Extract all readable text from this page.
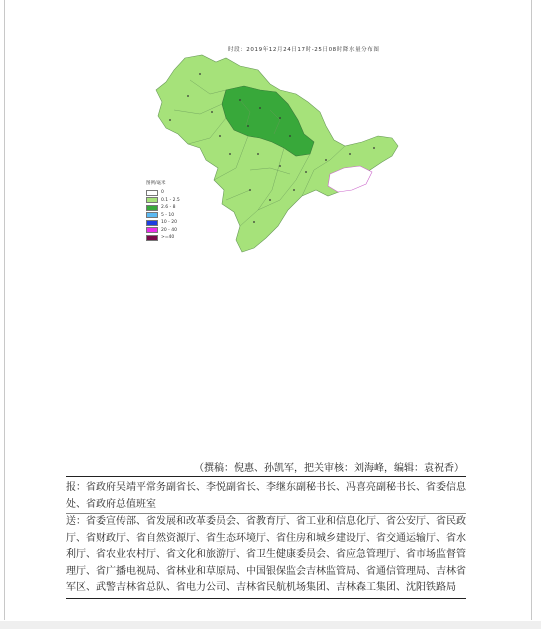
时段：2019年12月24日17时-25日08时降水量分布图
图例/毫米
0
0.1 - 2.5
2.6 - 8
5 - 10
10 - 20
20 - 40
>=40
（撰稿：倪惠、孙凯军，把关审核：刘海峰，编辑：袁祝香）

报：省政府吴靖平常务副省长、李悦副省长、李继东副秘书长、冯喜亮副秘书长、省委信息处、省政府总值班室

送：省委宣传部、省发展和改革委员会、省教育厅、省工业和信息化厅、省公安厅、省民政厅、省财政厅、省自然资源厅、省生态环境厅、省住房和城乡建设厅、省交通运输厅、省水利厅、省农业农村厅、省文化和旅游厅、省卫生健康委员会、省应急管理厅、省市场监督管理厅、省广播电视局、省林业和草原局、中国银保监会吉林监管局、省通信管理局、吉林省军区、武警吉林省总队、省电力公司、吉林省民航机场集团、吉林森工集团、沈阳铁路局
